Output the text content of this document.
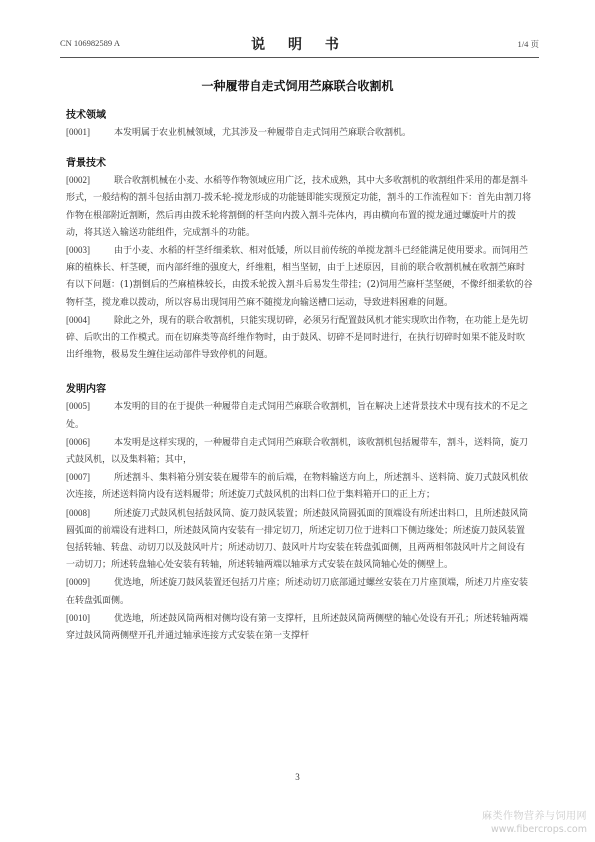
CN 106982589 A	说 明 书	1/4 页
一种履带自走式饲用苎麻联合收割机
技术领域
[0001]	本发明属于农业机械领域，尤其涉及一种履带自走式饲用苎麻联合收割机。
背景技术
[0002]	联合收割机械在小麦、水稻等作物领域应用广泛，技术成熟，其中大多收割机的收割组件采用的都是割斗形式，一般结构的割斗包括由割刀-拨禾轮-搅龙形成的功能链即能实现预定功能，割斗的工作流程如下：首先由割刀将作物在根部附近割断，然后再由拨禾轮将割倒的杆茎向内拨入割斗壳体内，再由横向布置的搅龙通过螺旋叶片的拨动，将其送入输送功能组件，完成割斗的功能。
[0003]	由于小麦、水稻的杆茎纤细柔软、相对低矮，所以目前传统的单搅龙割斗已经能满足使用要求。而饲用苎麻的植株长、杆茎硬，而内部纤维的强度大，纤维粗，相当坚韧，由于上述原因，目前的联合收割机械在收割苎麻时有以下问题：(1)割倒后的苎麻植株较长，由拨禾轮拨入割斗后易发生带挂；(2)饲用苎麻杆茎坚硬，不像纤细柔软的谷物杆茎，搅龙难以拨动，所以容易出现饲用苎麻不随搅龙向输送槽口运动，导致进料困难的问题。
[0004]	除此之外，现有的联合收割机，只能实现切碎，必须另行配置鼓风机才能实现吹出作物，在功能上是先切碎、后吹出的工作模式。而在切麻类等高纤维作物时，由于鼓风、切碎不是同时进行，在执行切碎时如果不能及时吹出纤维物，极易发生缠住运动部件导致停机的问题。
发明内容
[0005]	本发明的目的在于提供一种履带自走式饲用苎麻联合收割机，旨在解决上述背景技术中现有技术的不足之处。
[0006]	本发明是这样实现的，一种履带自走式饲用苎麻联合收割机，该收割机包括履带车，割斗，送料筒，旋刀式鼓风机，以及集料箱；其中，
[0007]	所述割斗、集料箱分别安装在履带车的前后端，在物料输送方向上，所述割斗、送料筒、旋刀式鼓风机依次连接，所述送料筒内设有送料履带；所述旋刀式鼓风机的出料口位于集料箱开口的正上方；
[0008]	所述旋刀式鼓风机包括鼓风筒、旋刀鼓风装置；所述鼓风筒圆弧面的顶端设有所述出料口，且所述鼓风筒圆弧面的前端设有进料口，所述鼓风筒内安装有一排定切刀，所述定切刀位于进料口下侧边缘处；所述旋刀鼓风装置包括转轴、转盘、动切刀以及鼓风叶片；所述动切刀、鼓风叶片均安装在转盘弧面侧，且两两相邻鼓风叶片之间设有一动切刀；所述转盘轴心处安装有转轴，所述转轴两端以轴承方式安装在鼓风筒轴心处的侧壁上。
[0009]	优选地，所述旋刀鼓风装置还包括刀片座；所述动切刀底部通过螺丝安装在刀片座顶端，所述刀片座安装在转盘弧面侧。
[0010]	优选地，所述鼓风筒两相对侧均设有第一支撑杆，且所述鼓风筒两侧壁的轴心处设有开孔；所述转轴两端穿过鼓风筒两侧壁开孔并通过轴承连接方式安装在第一支撑杆
3
麻类作物营养与饲用网
www.fibercrops.com
